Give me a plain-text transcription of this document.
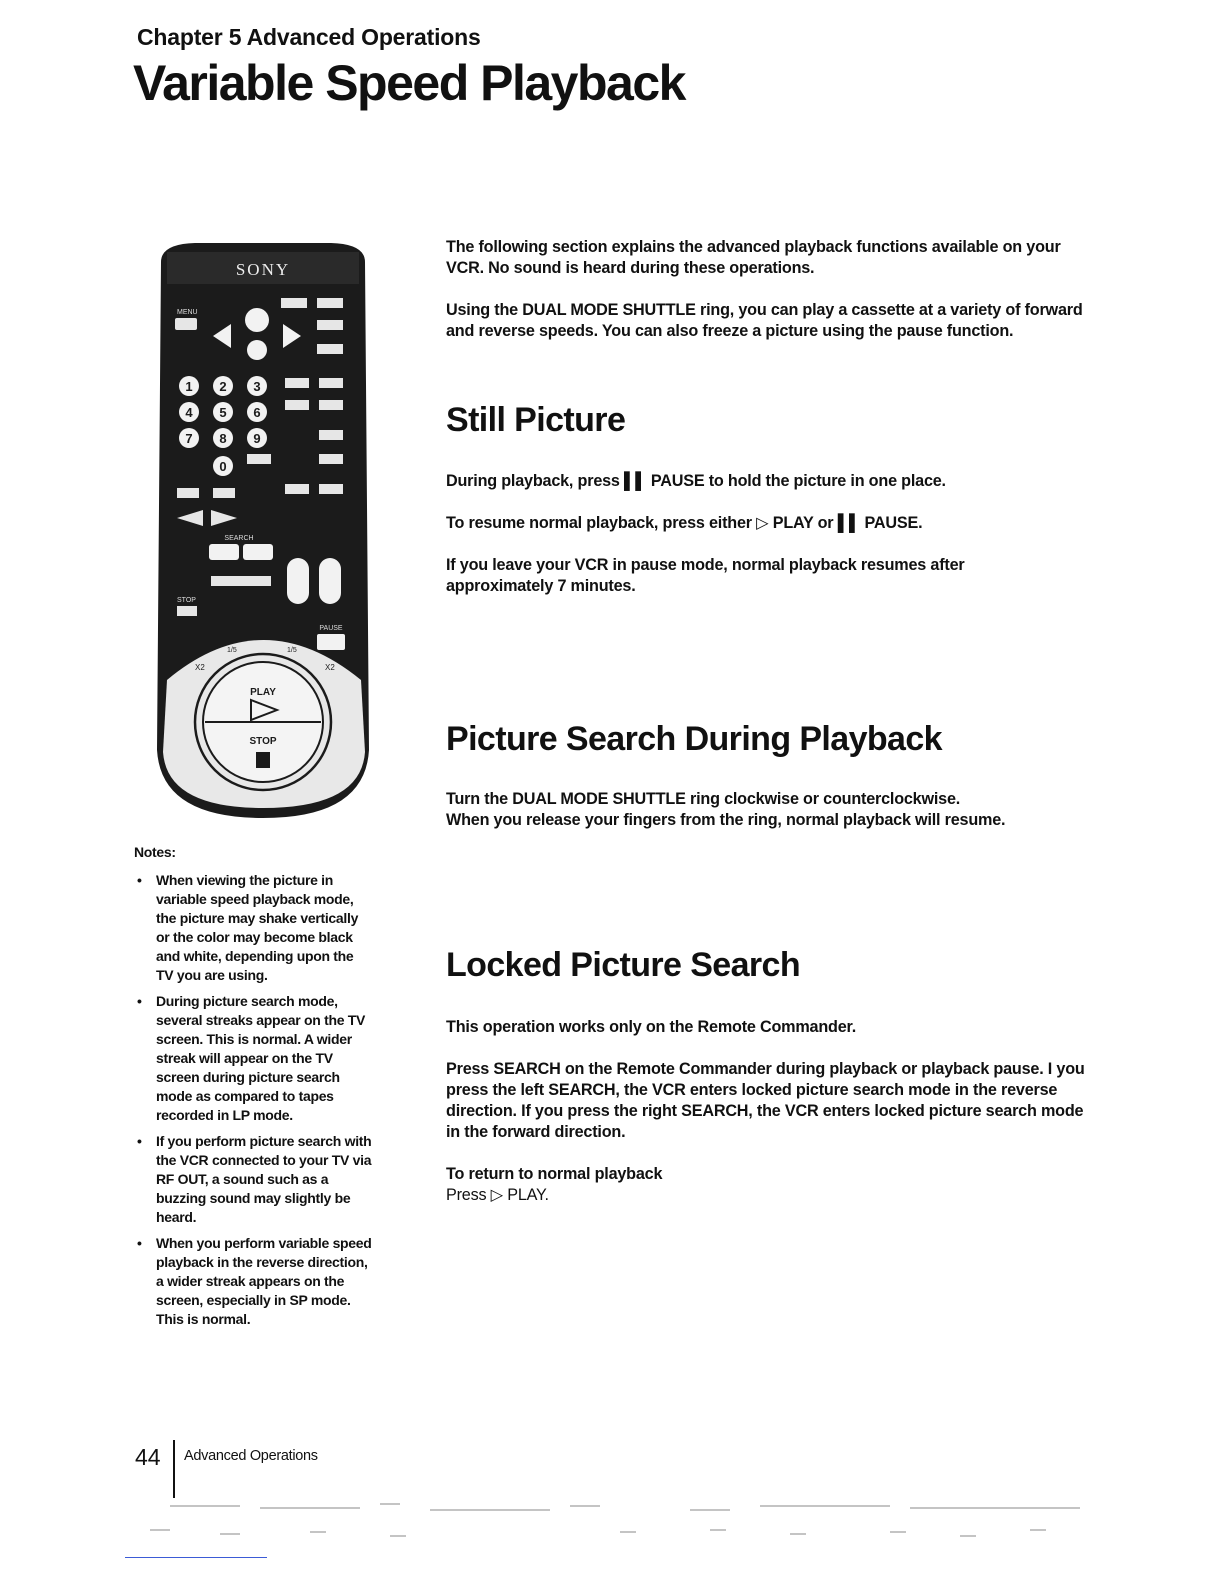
Chapter 5 Advanced Operations
Variable Speed Playback
SONY
MENU
1 2 3
4 5 6
7 8 9
0
SEARCH
STOP
PAUSE
X2	X2
1/5	1/5
PLAY
STOP

The following section explains the advanced playback functions available on your VCR. No sound is heard during these operations.

Using the DUAL MODE SHUTTLE ring, you can play a cassette at a variety of forward and reverse speeds. You can also freeze a picture using the pause function.

Still Picture

During playback, press ▌▌ PAUSE to hold the picture in one place.

To resume normal playback, press either ▷ PLAY or ▌▌ PAUSE.

If you leave your VCR in pause mode, normal playback resumes after approximately 7 minutes.

Picture Search During Playback
Turn the DUAL MODE SHUTTLE ring clockwise or counterclockwise.
When you release your fingers from the ring, normal playback will resume.
Locked Picture Search

This operation works only on the Remote Commander.

Press SEARCH on the Remote Commander during playback or playback pause. I you press the left SEARCH, the VCR enters locked picture search mode in the reverse direction. If you press the right SEARCH, the VCR enters locked picture search mode in the forward direction.

To return to normal playback
Press ▷ PLAY.
Notes:
• When viewing the picture in variable speed playback mode, the picture may shake vertically or the color may become black and white, depending upon the TV you are using.
• During picture search mode, several streaks appear on the TV screen. This is normal. A wider streak will appear on the TV screen during picture search mode as compared to tapes recorded in LP mode.
• If you perform picture search with the VCR connected to your TV via RF OUT, a sound such as a buzzing sound may slightly be heard.
• When you perform variable speed playback in the reverse direction, a wider streak appears on the screen, especially in SP mode. This is normal.
44 Advanced Operations
